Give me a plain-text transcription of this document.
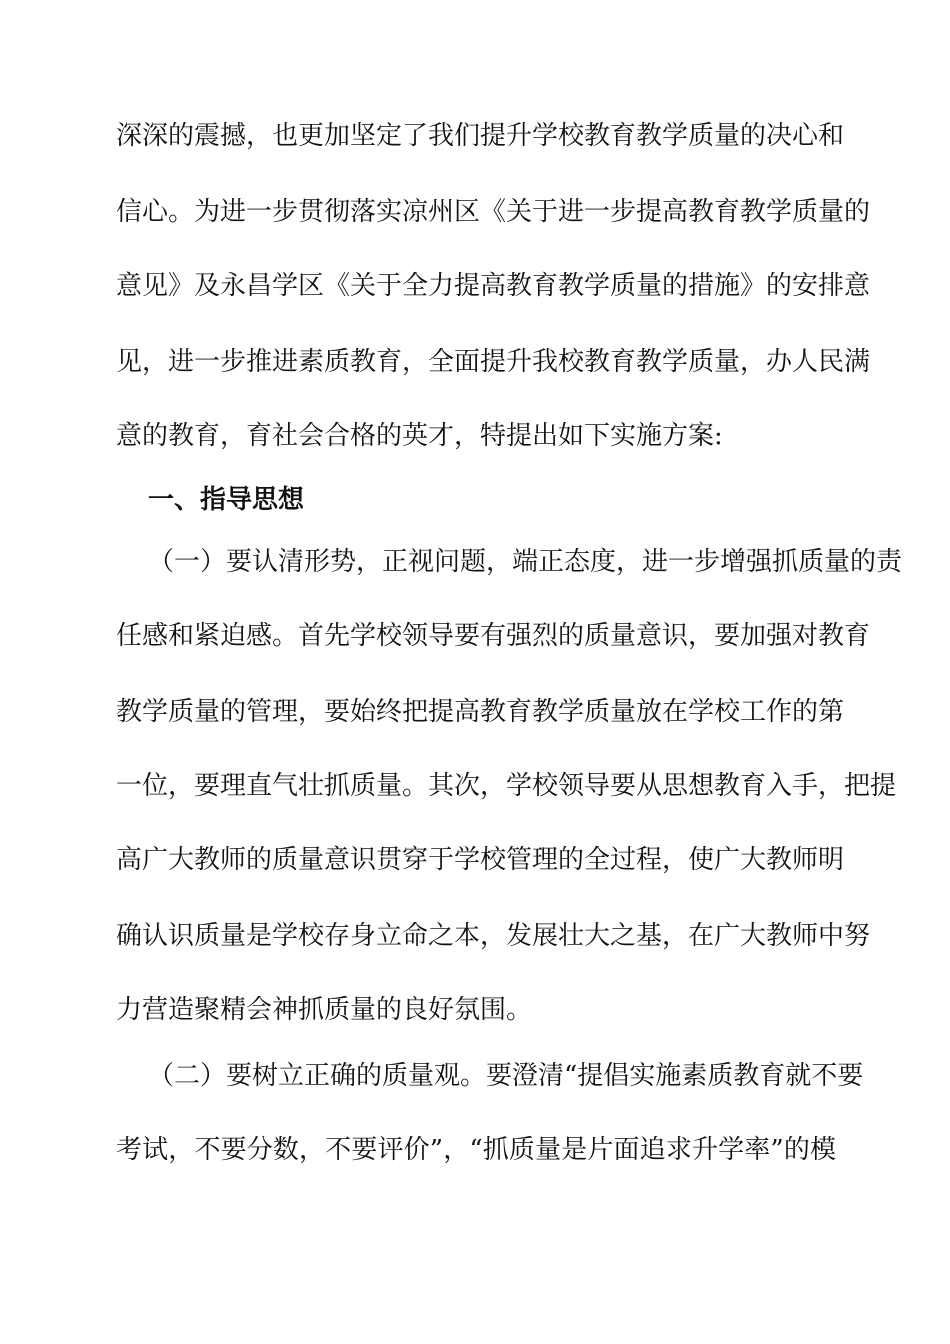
深深的震撼，也更加坚定了我们提升学校教育教学质量的决心和
信心。为进一步贯彻落实凉州区《关于进一步提高教育教学质量的
意见》及永昌学区《关于全力提高教育教学质量的措施》的安排意
见，进一步推进素质教育，全面提升我校教育教学质量，办人民满
意的教育，育社会合格的英才，特提出如下实施方案:
一、指导思想
（一）要认清形势，正视问题，端正态度，进一步增强抓质量的责
任感和紧迫感。首先学校领导要有强烈的质量意识，要加强对教育
教学质量的管理，要始终把提高教育教学质量放在学校工作的第
一位，要理直气壮抓质量。其次，学校领导要从思想教育入手，把提
高广大教师的质量意识贯穿于学校管理的全过程，使广大教师明
确认识质量是学校存身立命之本，发展壮大之基，在广大教师中努
力营造聚精会神抓质量的良好氛围。
（二）要树立正确的质量观。要澄清“提倡实施素质教育就不要
考试，不要分数，不要评价”，“抓质量是片面追求升学率”的模
